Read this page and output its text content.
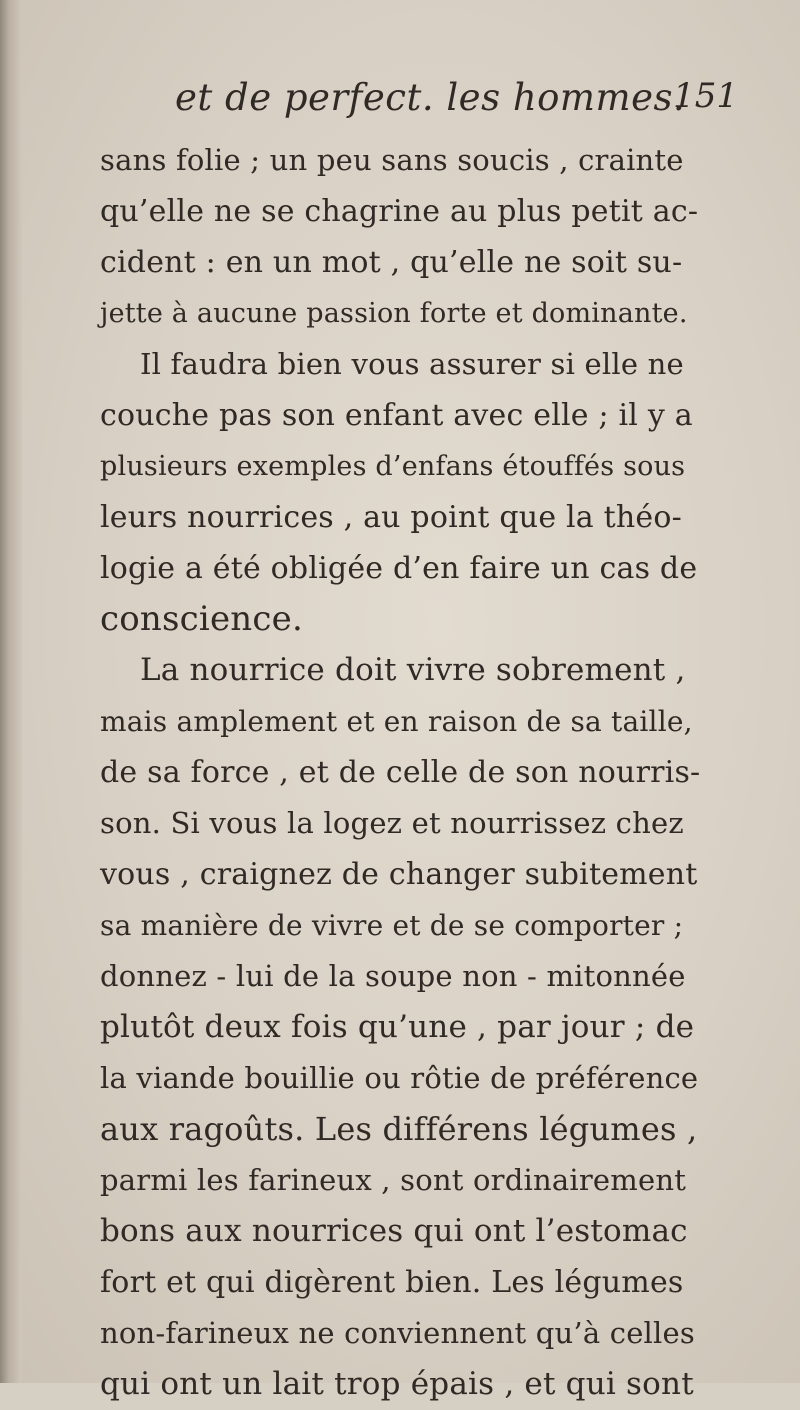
et de perfect. les hommes.
151
sans folie ; un peu sans soucis , crainte
qu’elle ne se chagrine au plus petit ac-
cident : en un mot , qu’elle ne soit su-
jette à aucune passion forte et dominante.
Il faudra bien vous assurer si elle ne
couche pas son enfant avec elle ; il y a
plusieurs exemples d’enfans étouffés sous
leurs nourrices , au point que la théo-
logie a été obligée d’en faire un cas de
conscience.
La nourrice doit vivre sobrement ,
mais amplement et en raison de sa taille,
de sa force , et de celle de son nourris-
son. Si vous la logez et nourrissez chez
vous , craignez de changer subitement
sa manière de vivre et de se comporter ;
donnez - lui de la soupe non - mitonnée
plutôt deux fois qu’une , par jour ; de
la viande bouillie ou rôtie de préférence
aux ragoûts. Les différens légumes ,
parmi les farineux , sont ordinairement
bons aux nourrices qui ont l’estomac
fort et qui digèrent bien. Les légumes
non-farineux ne conviennent qu’à celles
qui ont un lait trop épais , et qui sont
